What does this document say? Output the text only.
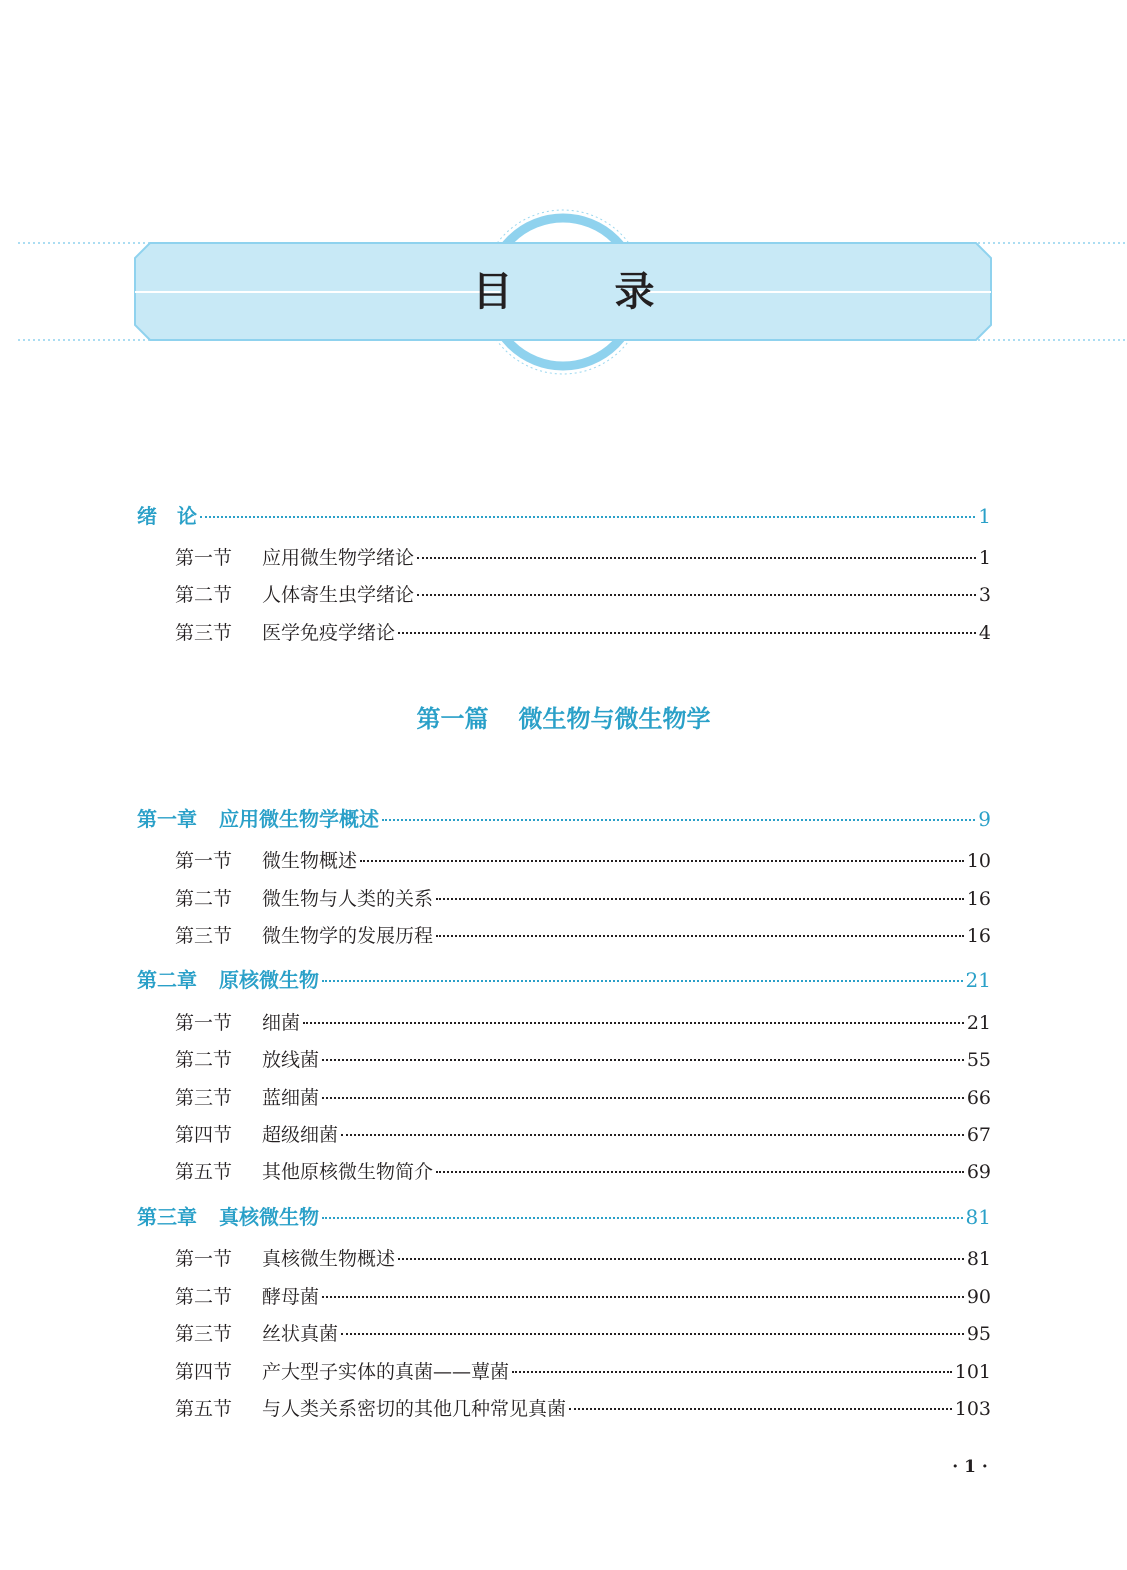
目 录
绪　论	1
第一节	应用微生物学绪论	1
第二节	人体寄生虫学绪论	3
第三节	医学免疫学绪论	4
第一篇 微生物与微生物学
第一章 应用微生物学概述	9
第一节	微生物概述	10
第二节	微生物与人类的关系	16
第三节	微生物学的发展历程	16
第二章 原核微生物	21
第一节	细菌	21
第二节	放线菌	55
第三节	蓝细菌	66
第四节	超级细菌	67
第五节	其他原核微生物简介	69
第三章 真核微生物	81
第一节	真核微生物概述	81
第二节	酵母菌	90
第三节	丝状真菌	95
第四节	产大型子实体的真菌——蕈菌	101
第五节	与人类关系密切的其他几种常见真菌	103
· 1 ·
